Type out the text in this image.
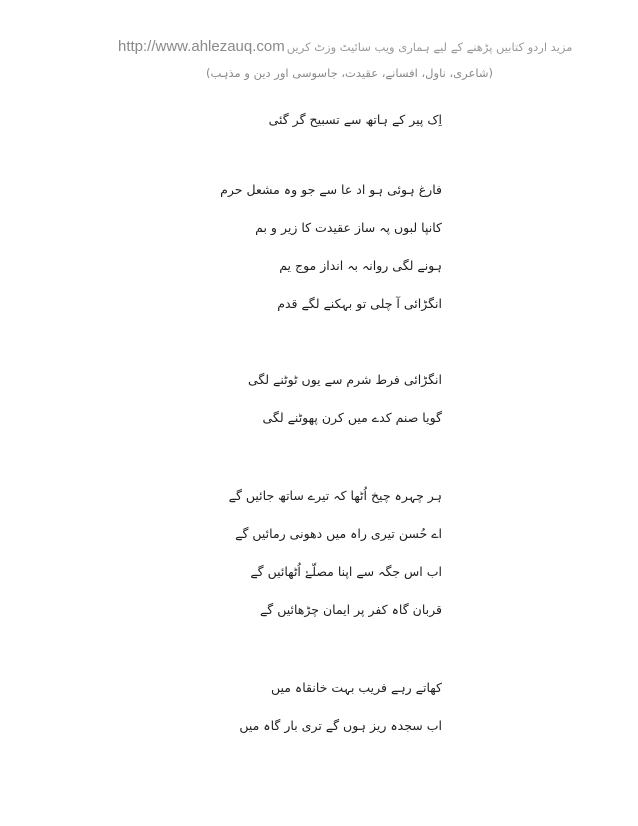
http://www.ahlezauq.com مزید اردو کتابیں پڑھنے کے لیے ہماری ویب سائیٹ وزٹ کریں
(شاعری، ناول، افسانے، عقیدت، جاسوسی اور دین و مذہب)
اِک پیر کے ہاتھ سے تسبیح گر گئی
فارغ ہوئی ہو اد عا سے جو وہ مشعل حرم
کانپا لبوں پہ ساز عقیدت کا زیر و بم
ہونے لگی روانہ بہ انداز موج یم
انگڑائی آ چلی تو بہکنے لگے قدم
انگڑائی فرط شرم سے یوں ٹوٹنے لگی
گویا صنم کدے میں کرن پھوٹنے لگی
ہر چہرہ چیخ اُٹھا کہ تیرے ساتھ جائیں گے
اے حُسن تیری راہ میں دھونی رمائیں گے
اب اس جگہ سے اپنا مصلّےٰ اُٹھائیں گے
قربان گاہ کفر پر ایمان چڑھائیں گے
کھاتے رہے فریب بہت خانقاہ میں
اب سجدہ ریز ہوں گے تری بار گاہ میں
